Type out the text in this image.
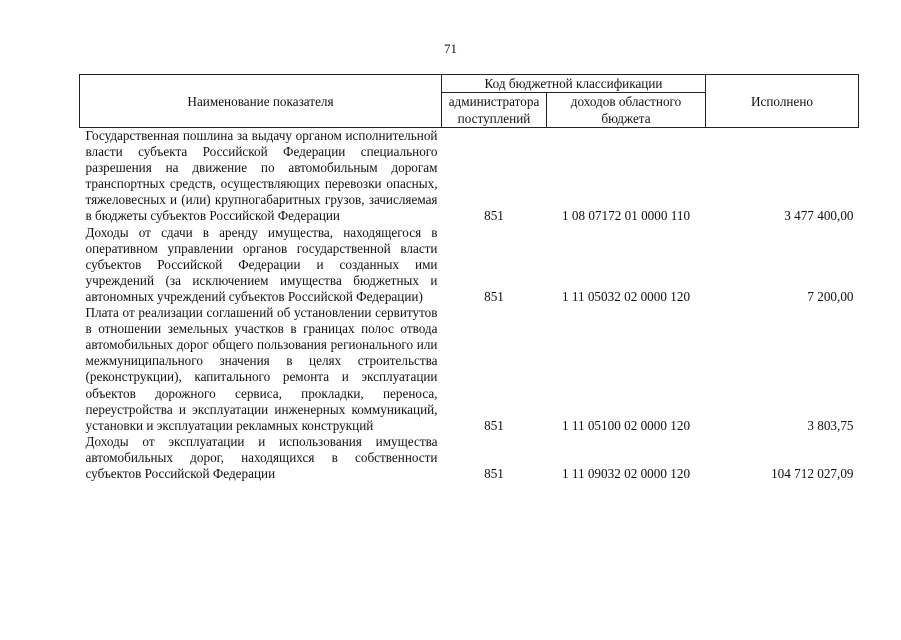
71
Наименование показателя	Код бюджетной классификации		Исполнено
	администратора поступлений	доходов областного бюджета	
Государственная пошлина за выдачу органом исполнительной власти субъекта Российской Федерации специального разрешения на движение по автомобильным дорогам транспортных средств, осуществляющих перевозки опасных, тяжеловесных и (или) крупногабаритных грузов, зачисляемая в бюджеты субъектов Российской Федерации	851	1 08 07172 01 0000 110	3 477 400,00
Доходы от сдачи в аренду имущества, находящегося в оперативном управлении органов государственной власти субъектов Российской Федерации и созданных ими учреждений (за исключением имущества бюджетных и автономных учреждений субъектов Российской Федерации)	851	1 11 05032 02 0000 120	7 200,00
Плата от реализации соглашений об установлении сервитутов в отношении земельных участков в границах полос отвода автомобильных дорог общего пользования регионального или межмуниципального значения в целях строительства (реконструкции), капитального ремонта и эксплуатации объектов дорожного сервиса, прокладки, переноса, переустройства и эксплуатации инженерных коммуникаций, установки и эксплуатации рекламных конструкций	851	1 11 05100 02 0000 120	3 803,75
Доходы от эксплуатации и использования имущества автомобильных дорог, находящихся в собственности субъектов Российской Федерации	851	1 11 09032 02 0000 120	104 712 027,09
